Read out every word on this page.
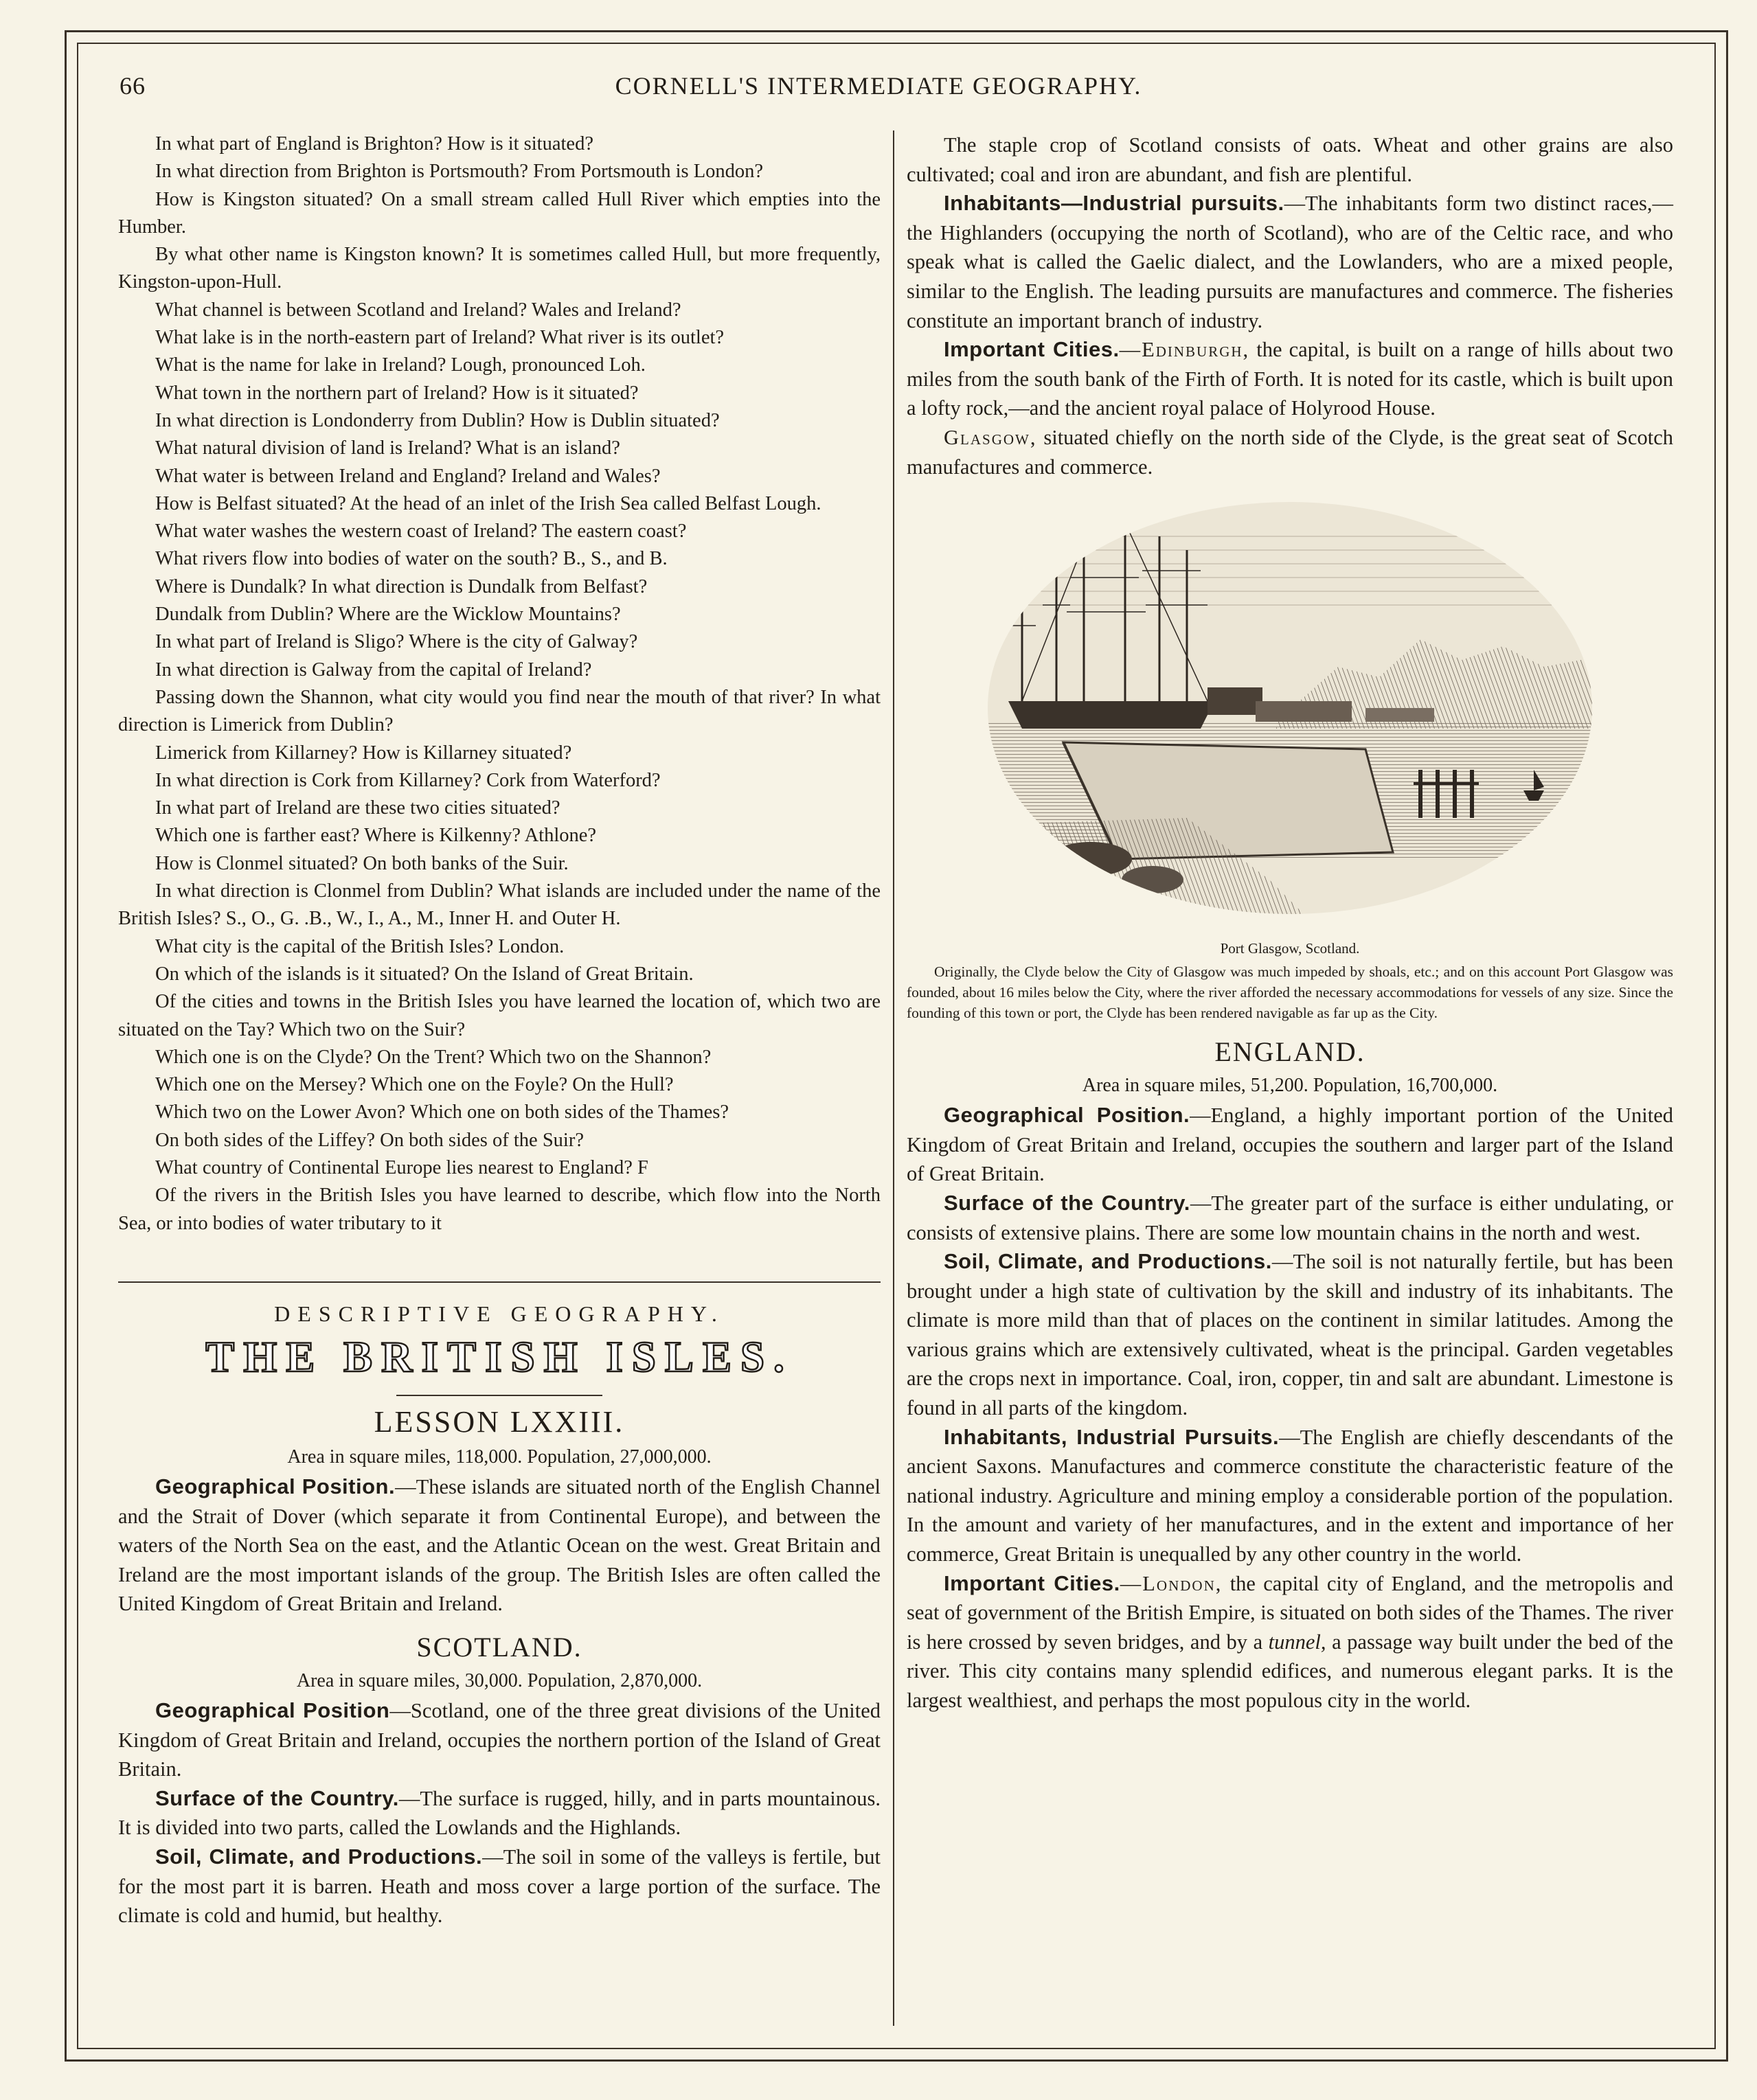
66	CORNELL'S INTERMEDIATE GEOGRAPHY.

In what part of England is Brighton? How is it situated?

In what direction from Brighton is Portsmouth? From Portsmouth is London?

How is Kingston situated? On a small stream called Hull River which empties into the Humber.

By what other name is Kingston known? It is sometimes called Hull, but more frequently, Kingston-upon-Hull.

What channel is between Scotland and Ireland? Wales and Ireland?

What lake is in the north-eastern part of Ireland? What river is its outlet?

What is the name for lake in Ireland? Lough, pronounced Loh.

What town in the northern part of Ireland? How is it situated?

In what direction is Londonderry from Dublin? How is Dublin situated?

What natural division of land is Ireland? What is an island?

What water is between Ireland and England? Ireland and Wales?

How is Belfast situated? At the head of an inlet of the Irish Sea called Belfast Lough.

What water washes the western coast of Ireland? The eastern coast?

What rivers flow into bodies of water on the south? B., S., and B.

Where is Dundalk? In what direction is Dundalk from Belfast?

Dundalk from Dublin? Where are the Wicklow Mountains?

In what part of Ireland is Sligo? Where is the city of Galway?

In what direction is Galway from the capital of Ireland?

Passing down the Shannon, what city would you find near the mouth of that river? In what direction is Limerick from Dublin?

Limerick from Killarney? How is Killarney situated?

In what direction is Cork from Killarney? Cork from Waterford?

In what part of Ireland are these two cities situated?

Which one is farther east? Where is Kilkenny? Athlone?

How is Clonmel situated? On both banks of the Suir.

In what direction is Clonmel from Dublin? What islands are included under the name of the British Isles? S., O., G. .B., W., I., A., M., Inner H. and Outer H.

What city is the capital of the British Isles? London.

On which of the islands is it situated? On the Island of Great Britain.

Of the cities and towns in the British Isles you have learned the location of, which two are situated on the Tay? Which two on the Suir?

Which one is on the Clyde? On the Trent? Which two on the Shannon?

Which one on the Mersey? Which one on the Foyle? On the Hull?

Which two on the Lower Avon? Which one on both sides of the Thames?

On both sides of the Liffey? On both sides of the Suir?

What country of Continental Europe lies nearest to England? F

Of the rivers in the British Isles you have learned to describe, which flow into the North Sea, or into bodies of water tributary to it

DESCRIPTIVE GEOGRAPHY.

THE BRITISH ISLES.

LESSON LXXIII.

Area in square miles, 118,000. Population, 27,000,000.

Geographical Position.—These islands are situated north of the English Channel and the Strait of Dover (which separate it from Continental Europe), and between the waters of the North Sea on the east, and the Atlantic Ocean on the west. Great Britain and Ireland are the most important islands of the group. The British Isles are often called the United Kingdom of Great Britain and Ireland.

SCOTLAND.

Area in square miles, 30,000. Population, 2,870,000.

Geographical Position—Scotland, one of the three great divisions of the United Kingdom of Great Britain and Ireland, occupies the northern portion of the Island of Great Britain.

Surface of the Country.—The surface is rugged, hilly, and in parts mountainous. It is divided into two parts, called the Lowlands and the Highlands.

Soil, Climate, and Productions.—The soil in some of the valleys is fertile, but for the most part it is barren. Heath and moss cover a large portion of the surface. The climate is cold and humid, but healthy.

The staple crop of Scotland consists of oats. Wheat and other grains are also cultivated; coal and iron are abundant, and fish are plentiful.

Inhabitants—Industrial pursuits.—The inhabitants form two distinct races,—the Highlanders (occupying the north of Scotland), who are of the Celtic race, and who speak what is called the Gaelic dialect, and the Lowlanders, who are a mixed people, similar to the English. The leading pursuits are manufactures and commerce. The fisheries constitute an important branch of industry.

Important Cities.—Edinburgh, the capital, is built on a range of hills about two miles from the south bank of the Firth of Forth. It is noted for its castle, which is built upon a lofty rock,—and the ancient royal palace of Holyrood House.

Glasgow, situated chiefly on the north side of the Clyde, is the great seat of Scotch manufactures and commerce.

Port Glasgow, Scotland.

Originally, the Clyde below the City of Glasgow was much impeded by shoals, etc.; and on this account Port Glasgow was founded, about 16 miles below the City, where the river afforded the necessary accommodations for vessels of any size. Since the founding of this town or port, the Clyde has been rendered navigable as far up as the City.

ENGLAND.

Area in square miles, 51,200. Population, 16,700,000.

Geographical Position.—England, a highly important portion of the United Kingdom of Great Britain and Ireland, occupies the southern and larger part of the Island of Great Britain.

Surface of the Country.—The greater part of the surface is either undulating, or consists of extensive plains. There are some low mountain chains in the north and west.

Soil, Climate, and Productions.—The soil is not naturally fertile, but has been brought under a high state of cultivation by the skill and industry of its inhabitants. The climate is more mild than that of places on the continent in similar latitudes. Among the various grains which are extensively cultivated, wheat is the principal. Garden vegetables are the crops next in importance. Coal, iron, copper, tin and salt are abundant. Limestone is found in all parts of the kingdom.

Inhabitants, Industrial Pursuits.—The English are chiefly descendants of the ancient Saxons. Manufactures and commerce constitute the characteristic feature of the national industry. Agriculture and mining employ a considerable portion of the population. In the amount and variety of her manufactures, and in the extent and importance of her commerce, Great Britain is unequalled by any other country in the world.

Important Cities.—London, the capital city of England, and the metropolis and seat of government of the British Empire, is situated on both sides of the Thames. The river is here crossed by seven bridges, and by a tunnel, a passage way built under the bed of the river. This city contains many splendid edifices, and numerous elegant parks. It is the largest wealthiest, and perhaps the most populous city in the world.
